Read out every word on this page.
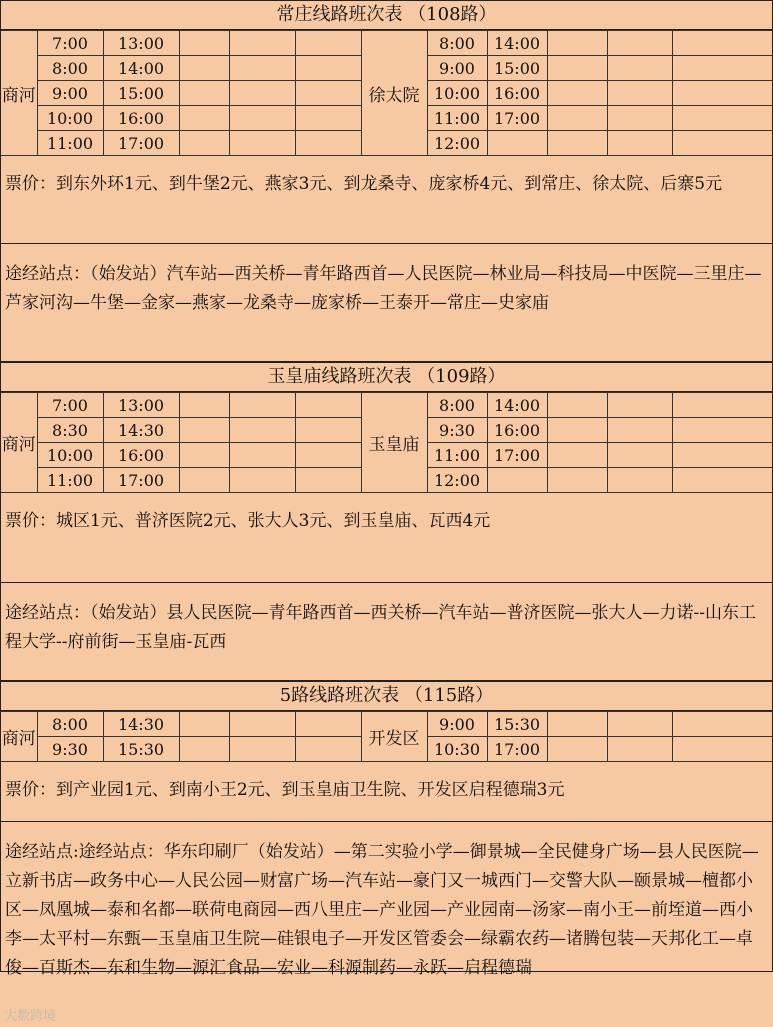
常庄线路班次表 （108路）
商河	7:00	13:00				徐太院	8:00	14:00			
	8:00	14:00					9:00	15:00			
	9:00	15:00					10:00	16:00			
	10:00	16:00					11:00	17:00			
	11:00	17:00					12:00				
票价：到东外环1元、到牛堡2元、燕家3元、到龙桑寺、庞家桥4元、到常庄、徐太院、后寨5元
途经站点：（始发站）汽车站—西关桥—青年路西首—人民医院—林业局—科技局—中医院—三里庄—芦家河沟—牛堡—金家—燕家—龙桑寺—庞家桥—王泰开—常庄—史家庙
玉皇庙线路班次表 （109路）
商河	7:00	13:00				玉皇庙	8:00	14:00			
	8:30	14:30					9:30	16:00			
	10:00	16:00					11:00	17:00			
	11:00	17:00					12:00				
票价：城区1元、普济医院2元、张大人3元、到玉皇庙、瓦西4元
途经站点：（始发站）县人民医院—青年路西首—西关桥—汽车站—普济医院—张大人—力诺--山东工程大学--府前街—玉皇庙-瓦西
5路线路班次表 （115路）
商河	8:00	14:30				开发区	9:00	15:30			
	9:30	15:30					10:30	17:00			
票价：到产业园1元、到南小王2元、到玉皇庙卫生院、开发区启程德瑞3元
途经站点:途经站点：华东印刷厂（始发站）—第二实验小学—御景城—全民健身广场—县人民医院—立新书店—政务中心—人民公园—财富广场—汽车站—豪门又一城西门—交警大队—颐景城—檀都小区—凤凰城—泰和名都—联荷电商园—西八里庄—产业园—产业园南—汤家—南小王—前垤道—西小李—太平村—东甄—玉皇庙卫生院—硅银电子—开发区管委会—绿霸农药—诸腾包装—天邦化工—卓俊—百斯杰—东和生物—源汇食品—宏业—科源制药—永跃—启程德瑞
大数跨境
